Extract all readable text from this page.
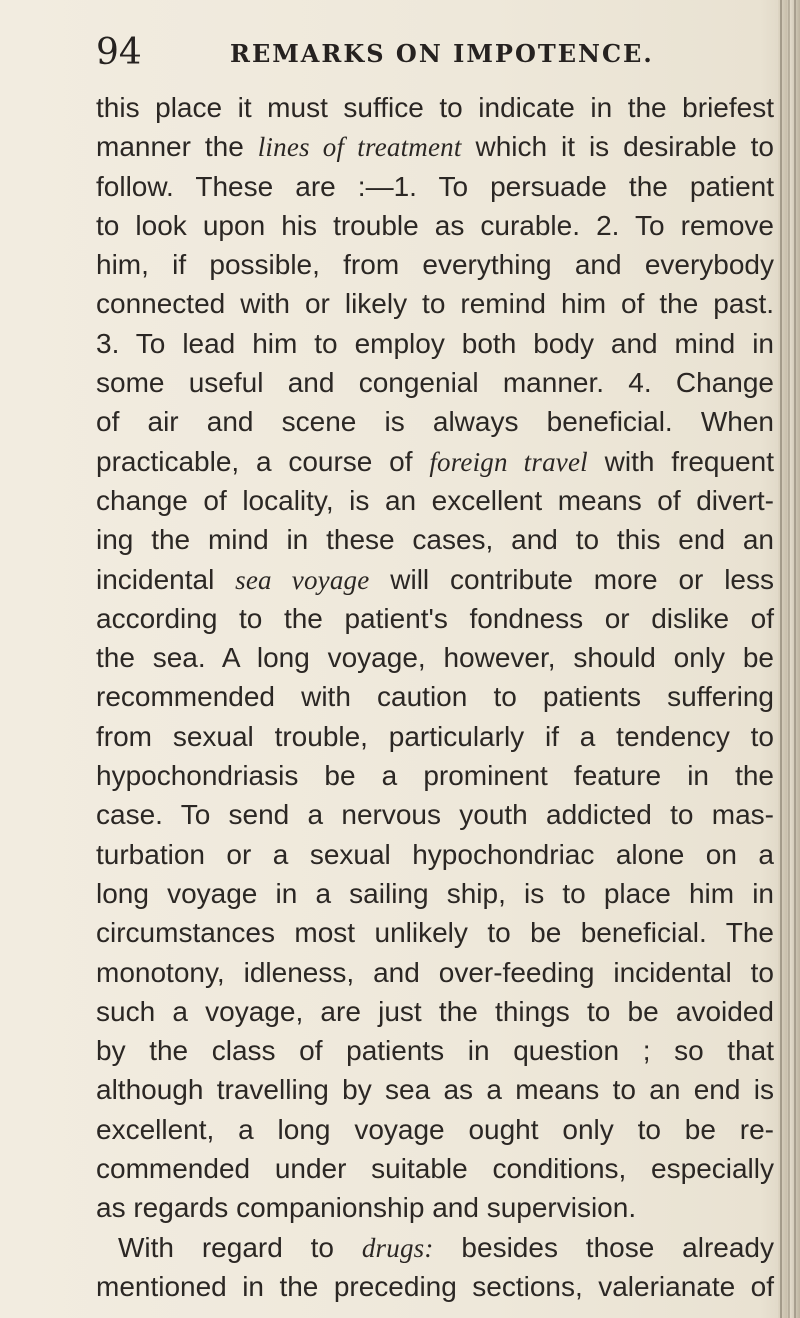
94	REMARKS ON IMPOTENCE.
this place it must suffice to indicate in the briefest
manner the lines of treatment which it is desirable to
follow. These are :—1. To persuade the patient
to look upon his trouble as curable. 2. To remove
him, if possible, from everything and everybody
connected with or likely to remind him of the past.
3. To lead him to employ both body and mind in
some useful and congenial manner. 4. Change
of air and scene is always beneficial. When
practicable, a course of foreign travel with frequent
change of locality, is an excellent means of divert-
ing the mind in these cases, and to this end an
incidental sea voyage will contribute more or less
according to the patient's fondness or dislike of
the sea. A long voyage, however, should only be
recommended with caution to patients suffering
from sexual trouble, particularly if a tendency to
hypochondriasis be a prominent feature in the
case. To send a nervous youth addicted to mas-
turbation or a sexual hypochondriac alone on a
long voyage in a sailing ship, is to place him in
circumstances most unlikely to be beneficial. The
monotony, idleness, and over-feeding incidental to
such a voyage, are just the things to be avoided
by the class of patients in question ; so that
although travelling by sea as a means to an end is
excellent, a long voyage ought only to be re-
commended under suitable conditions, especially
as regards companionship and supervision.
With regard to drugs: besides those already
mentioned in the preceding sections, valerianate of
